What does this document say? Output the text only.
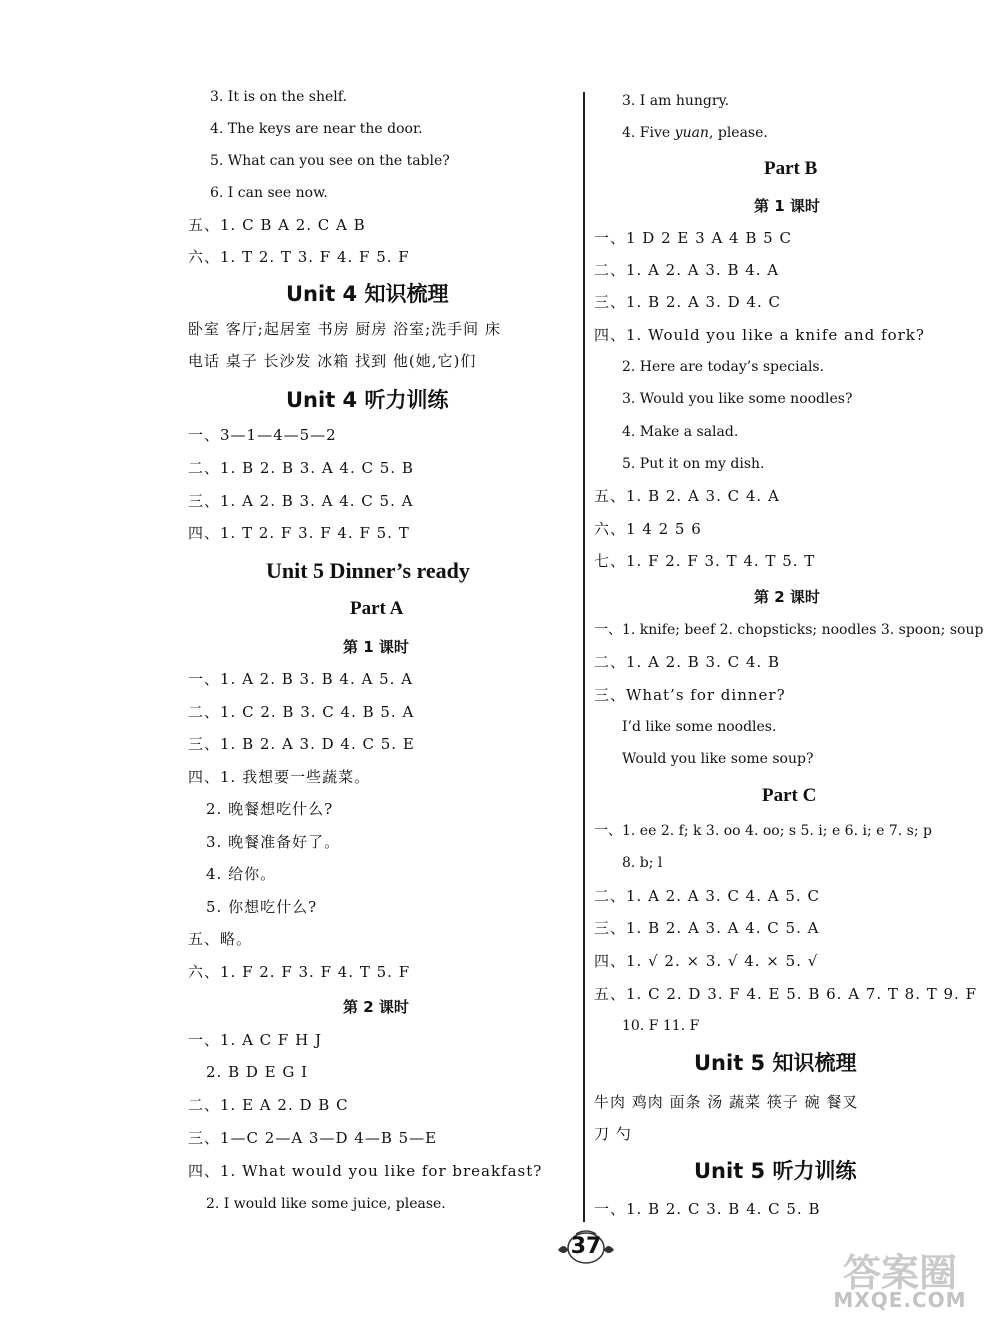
3. It is on the shelf.
4. The keys are near the door.
5. What can you see on the table?
6. I can see now.
五、1. C B A 2. C A B
六、1. T 2. T 3. F 4. F 5. F
Unit 4 知识梳理
卧室 客厅;起居室 书房 厨房 浴室;洗手间 床
电话 桌子 长沙发 冰箱 找到 他(她,它)们
Unit 4 听力训练
一、3—1—4—5—2
二、1. B 2. B 3. A 4. C 5. B
三、1. A 2. B 3. A 4. C 5. A
四、1. T 2. F 3. F 4. F 5. T
Unit 5 Dinner’s ready
Part A
第 1 课时
一、1. A 2. B 3. B 4. A 5. A
二、1. C 2. B 3. C 4. B 5. A
三、1. B 2. A 3. D 4. C 5. E
四、1. 我想要一些蔬菜。
2. 晚餐想吃什么?
3. 晚餐准备好了。
4. 给你。
5. 你想吃什么?
五、略。
六、1. F 2. F 3. F 4. T 5. F
第 2 课时
一、1. A C F H J
2. B D E G I
二、1. E A 2. D B C
三、1—C 2—A 3—D 4—B 5—E
四、1. What would you like for breakfast?
2. I would like some juice, please.
3. I am hungry.
4. Five yuan, please.
Part B
第 1 课时
一、1 D 2 E 3 A 4 B 5 C
二、1. A 2. A 3. B 4. A
三、1. B 2. A 3. D 4. C
四、1. Would you like a knife and fork?
2. Here are today’s specials.
3. Would you like some noodles?
4. Make a salad.
5. Put it on my dish.
五、1. B 2. A 3. C 4. A
六、1 4 2 5 6
七、1. F 2. F 3. T 4. T 5. T
第 2 课时
一、1. knife; beef 2. chopsticks; noodles 3. spoon; soup
二、1. A 2. B 3. C 4. B
三、What’s for dinner?
I’d like some noodles.
Would you like some soup?
Part C
一、1. ee 2. f; k 3. oo 4. oo; s 5. i; e 6. i; e 7. s; p
8. b; l
二、1. A 2. A 3. C 4. A 5. C
三、1. B 2. A 3. A 4. C 5. A
四、1. √ 2. × 3. √ 4. × 5. √
五、1. C 2. D 3. F 4. E 5. B 6. A 7. T 8. T 9. F
10. F 11. F
Unit 5 知识梳理
牛肉 鸡肉 面条 汤 蔬菜 筷子 碗 餐叉
刀 勺
Unit 5 听力训练
一、1. B 2. C 3. B 4. C 5. B
37
答案圈
MXQE.COM
